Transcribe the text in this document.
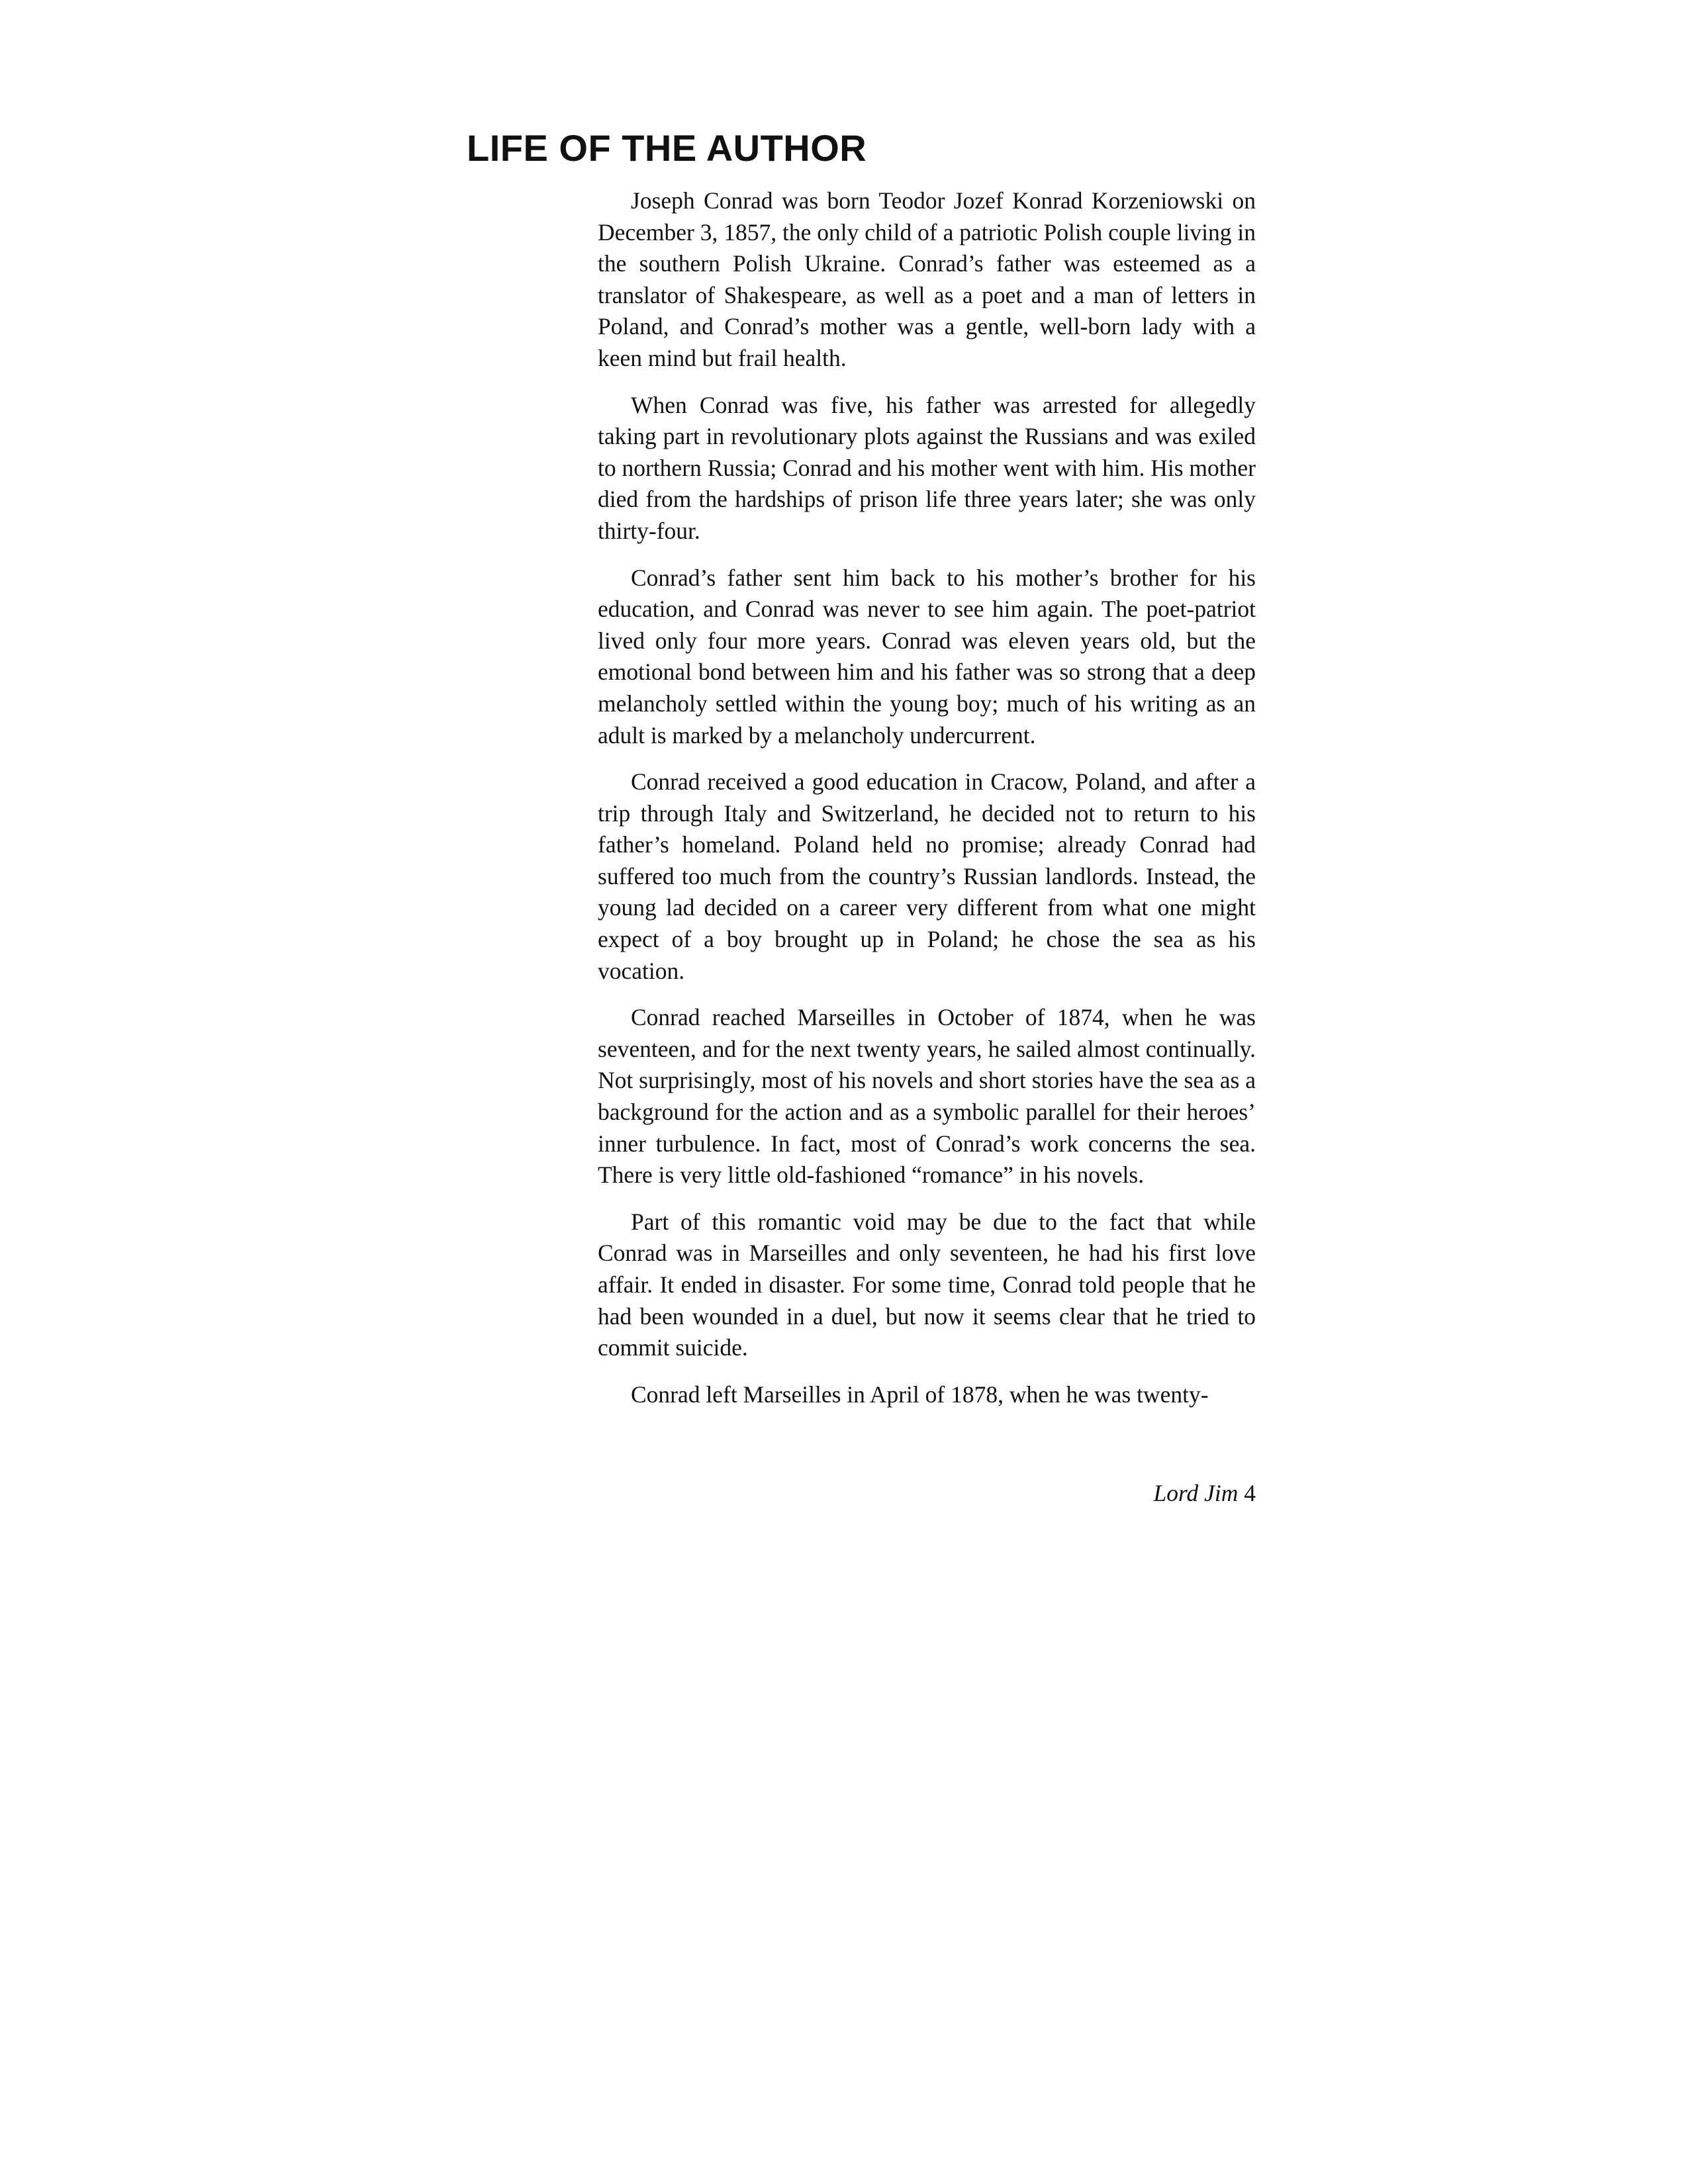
LIFE OF THE AUTHOR

Joseph Conrad was born Teodor Jozef Konrad Korzeniowski on December 3, 1857, the only child of a patriotic Polish couple living in the southern Polish Ukraine. Conrad’s father was esteemed as a translator of Shakespeare, as well as a poet and a man of letters in Poland, and Conrad’s mother was a gentle, well-born lady with a keen mind but frail health.

When Conrad was five, his father was arrested for allegedly taking part in revolutionary plots against the Russians and was exiled to northern Russia; Conrad and his mother went with him. His mother died from the hardships of prison life three years later; she was only thirty-four.

Conrad’s father sent him back to his mother’s brother for his education, and Conrad was never to see him again. The poet-patriot lived only four more years. Conrad was eleven years old, but the emotional bond between him and his father was so strong that a deep melancholy settled within the young boy; much of his writing as an adult is marked by a melancholy undercurrent.

Conrad received a good education in Cracow, Poland, and after a trip through Italy and Switzerland, he decided not to return to his father’s homeland. Poland held no promise; already Conrad had suffered too much from the country’s Russian landlords. Instead, the young lad decided on a career very different from what one might expect of a boy brought up in Poland; he chose the sea as his vocation.

Conrad reached Marseilles in October of 1874, when he was seventeen, and for the next twenty years, he sailed almost continually. Not surprisingly, most of his novels and short stories have the sea as a background for the action and as a symbolic parallel for their heroes’ inner turbulence. In fact, most of Conrad’s work concerns the sea. There is very little old-fashioned “romance” in his novels.

Part of this romantic void may be due to the fact that while Conrad was in Marseilles and only seventeen, he had his first love affair. It ended in disaster. For some time, Conrad told people that he had been wounded in a duel, but now it seems clear that he tried to commit suicide.

Conrad left Marseilles in April of 1878, when he was twenty-

Lord Jim 4
